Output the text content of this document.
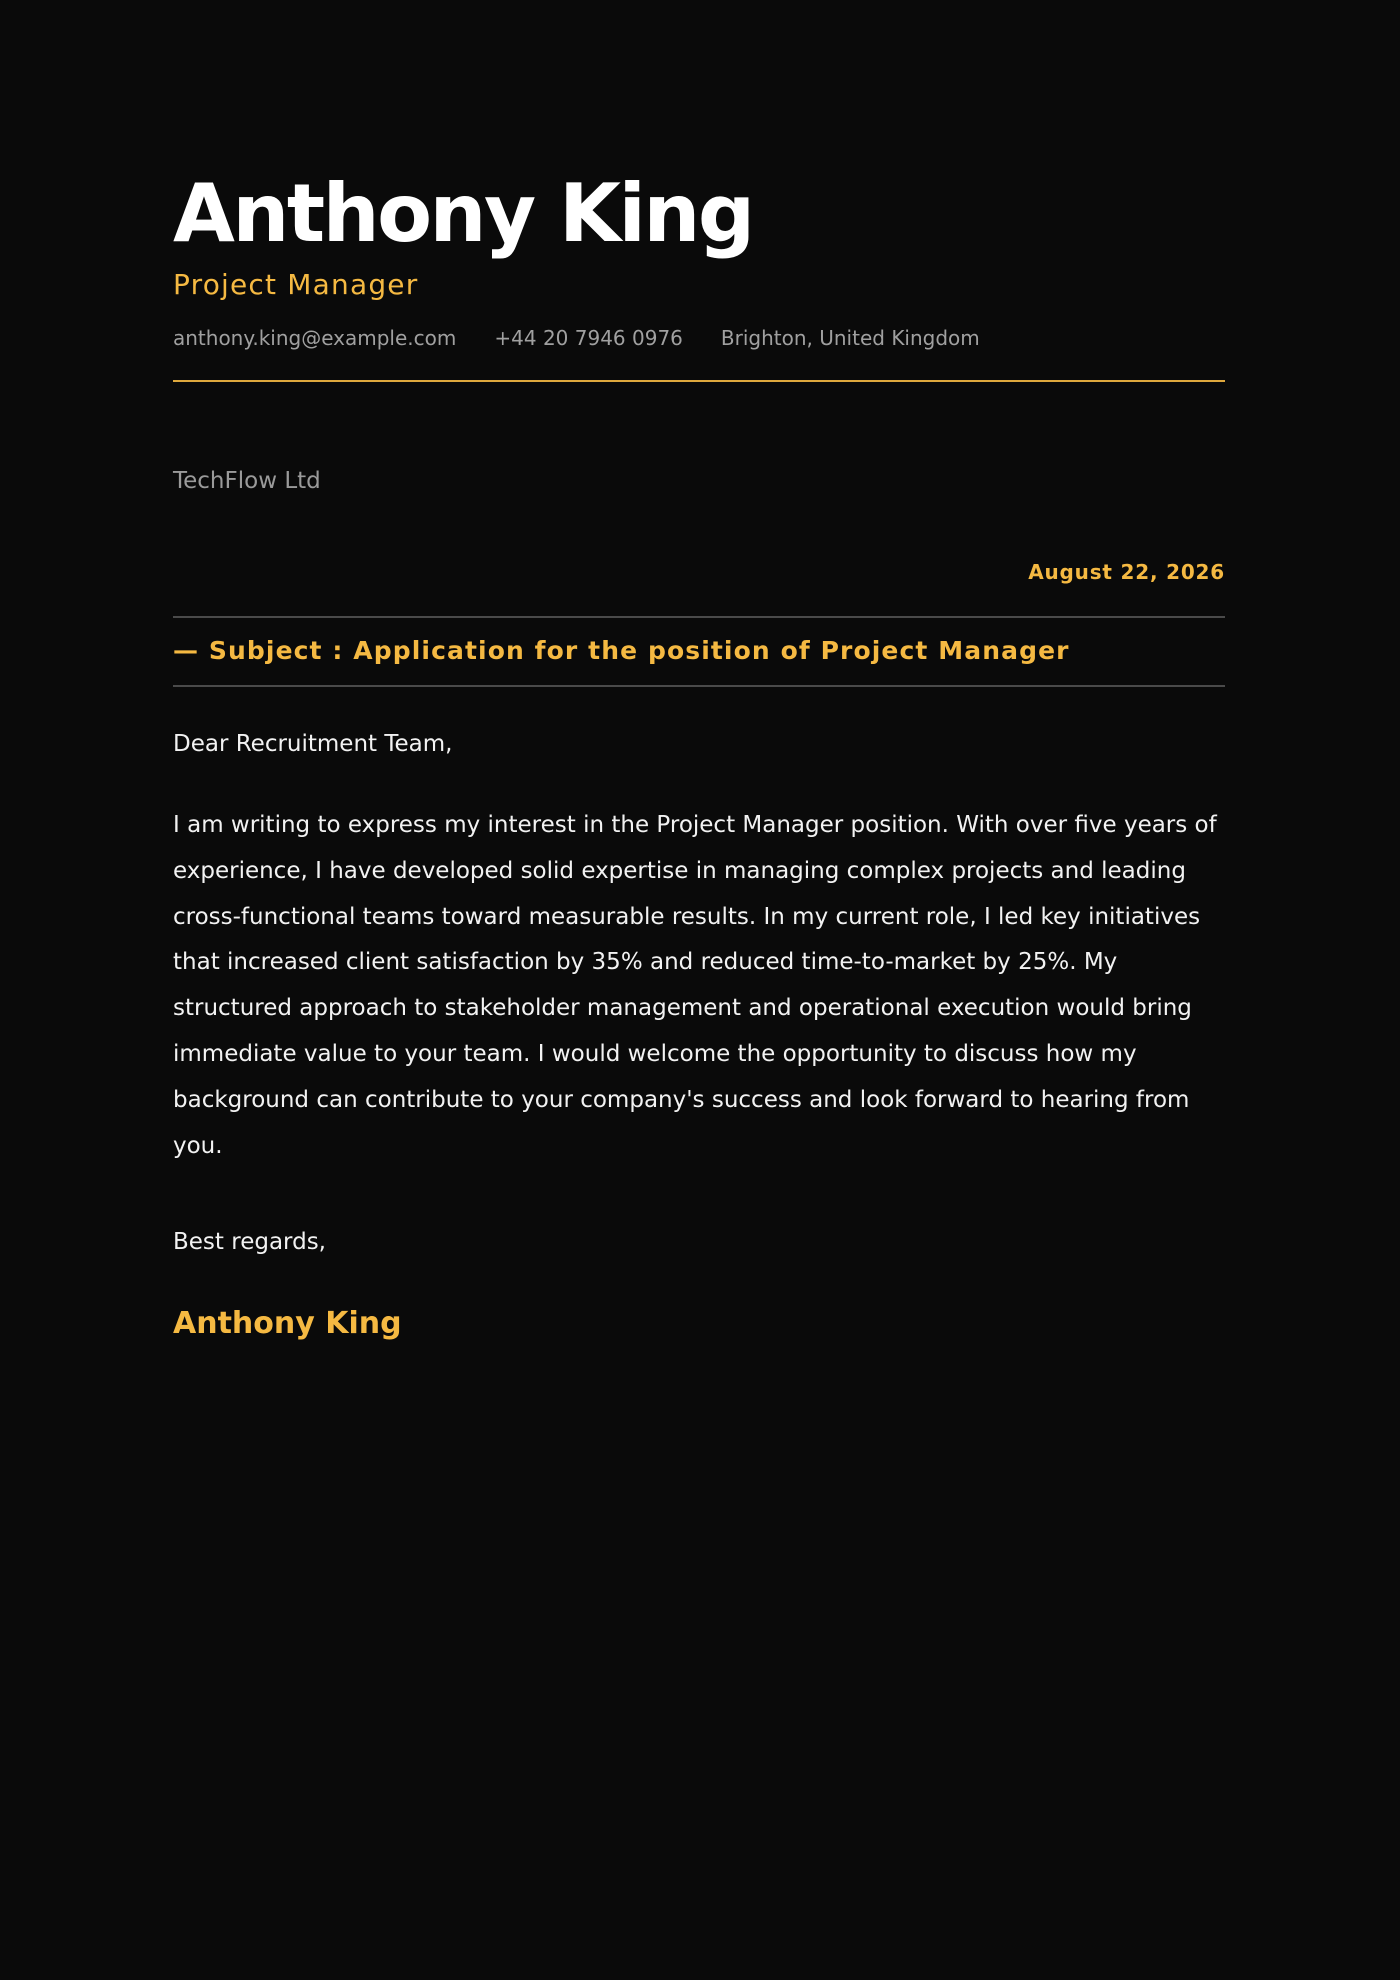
Anthony King
Project Manager
anthony.king@example.com +44 20 7946 0976 Brighton, United Kingdom
TechFlow Ltd
August 22, 2026
— Subject : Application for the position of Project Manager
Dear Recruitment Team,

I am writing to express my interest in the Project Manager position. With over five years of experience, I have developed solid expertise in managing complex projects and leading cross-functional teams toward measurable results. In my current role, I led key initiatives that increased client satisfaction by 35% and reduced time-to-market by 25%. My structured approach to stakeholder management and operational execution would bring immediate value to your team. I would welcome the opportunity to discuss how my background can contribute to your company's success and look forward to hearing from you.

Best regards,
Anthony King
